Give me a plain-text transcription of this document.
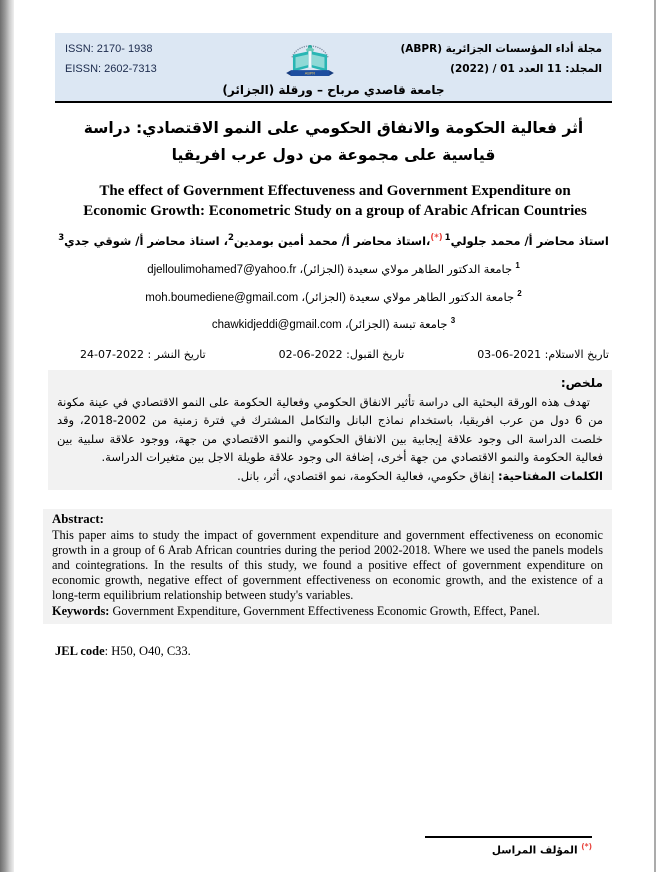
ISSN: 2170- 1938
EISSN: 2602-7313	ABPR
مجلة أداء المؤسسات الجزائرية (ABPR)
المجلد: 11 العدد 01 / (2022)
جامعة قاصدي مرباح – ورقلة (الجزائر)
أثر فعالية الحكومة والانفاق الحكومي على النمو الاقتصادي: دراسة قياسية على مجموعة من دول عرب افريقيا
The effect of Government Effectuveness and Government Expenditure on Economic Growth: Econometric Study on a group of Arabic African Countries
استاذ محاضر أ/ محمد جلولي$^{1(*)}$،استاذ محاضر أ/ محمد أمين بومدين$^2$، استاذ محاضر أ/ شوقي جدي$^3$
$^1$ جامعة الدكتور الطاهر مولاي سعيدة (الجزائر)، djelloulimohamed7@yahoo.fr
$^2$ جامعة الدكتور الطاهر مولاي سعيدة (الجزائر)، moh.boumediene@gmail.com
$^3$ جامعة تبسة (الجزائر)، chawkidjeddi@gmail.com
تاريخ الاستلام: 2021-06-03
تاريخ القبول: 2022-06-02
تاريخ النشر : 2022-07-24
ملخص:

تهدف هذه الورقة البحثية الى دراسة تأثير الانفاق الحكومي وفعالية الحكومة على النمو الاقتصادي في عينة مكونة من 6 دول من عرب افريقيا، باستخدام نماذج البانل والتكامل المشترك في فترة زمنية من 2002-2018، وقد خلصت الدراسة الى وجود علاقة إيجابية بين الانفاق الحكومي والنمو الاقتصادي من جهة، ووجود علاقة سلبية بين فعالية الحكومة والنمو الاقتصادي من جهة أخرى، إضافة الى وجود علاقة طويلة الاجل بين متغيرات الدراسة.

الكلمات المفتاحية: إنفاق حكومي، فعالية الحكومة، نمو اقتصادي، أثر، بانل.
Abstract:

This paper aims to study the impact of government expenditure and government effectiveness on economic growth in a group of 6 Arab African countries during the period 2002-2018. Where we used the panels models and cointegrations. In the results of this study, we found a positive effect of government expenditure on economic growth, negative effect of government effectiveness on economic growth, and the existence of a long-term equilibrium relationship between study's variables.

Keywords: Government Expenditure, Government Effectiveness Economic Growth, Effect, Panel.
JEL code: H50, O40, C33.
(*) المؤلف المراسل
